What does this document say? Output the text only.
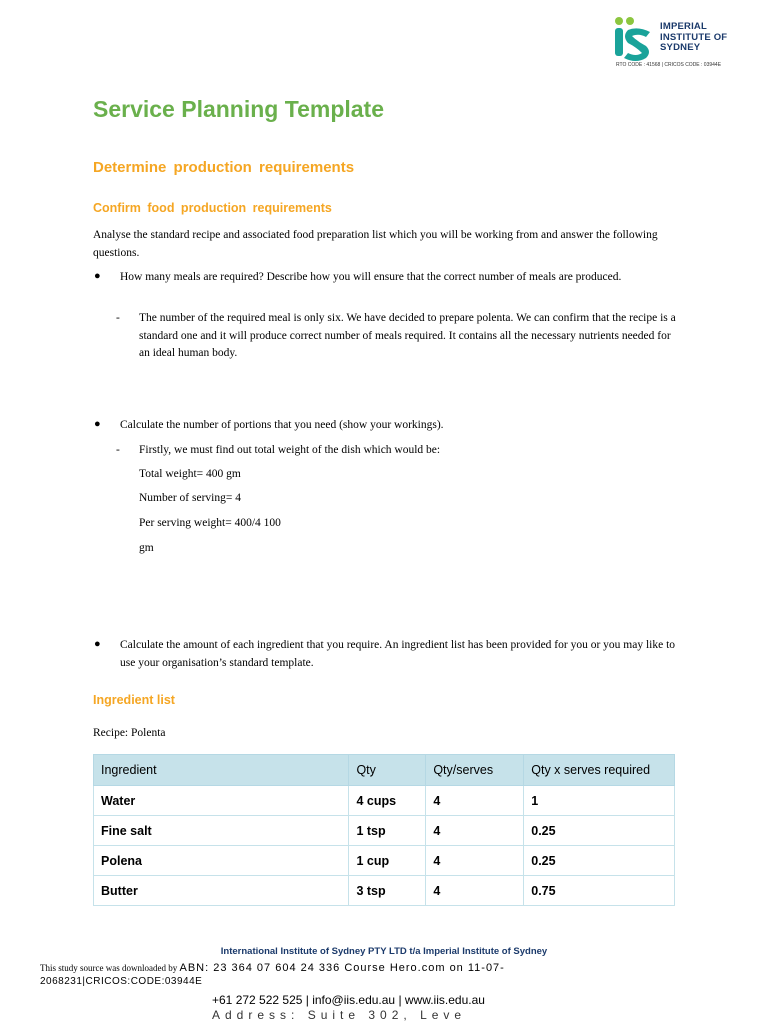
IMPERIAL
INSTITUTE OF
SYDNEY
RTO CODE : 41568 | CRICOS CODE : 03944E
Service Planning Template
Determine production requirements
Confirm food production requirements
Analyse the standard recipe and associated food preparation list which you will be working from and answer the following questions.
● How many meals are required? Describe how you will ensure that the correct number of meals are produced.
- The number of the required meal is only six. We have decided to prepare polenta. We can confirm that the recipe is a standard one and it will produce correct number of meals required. It contains all the necessary nutrients needed for an ideal human body.
● Calculate the number of portions that you need (show your workings).
- Firstly, we must find out total weight of the dish which would be:
Total weight= 400 gm
Number of serving= 4
Per serving weight= 400/4 100
gm
● Calculate the amount of each ingredient that you require. An ingredient list has been provided for you or you may like to use your organisation’s standard template.
Ingredient list
Recipe: Polenta
Ingredient	Qty	Qty/serves	Qty x serves required
Water	4 cups	4	1
Fine salt	1 tsp	4	0.25
Polena	1 cup	4	0.25
Butter	3 tsp	4	0.75
International Institute of Sydney PTY LTD t/a Imperial Institute of Sydney
This study source was downloaded by ABN: 23 364 07 604 24 336 Course Hero.com on 11-07-
2068231|CRICOS:CODE:03944E
+61 272 522 525 | info@iis.edu.au | www.iis.edu.au
Address: Suite 302, Leve
